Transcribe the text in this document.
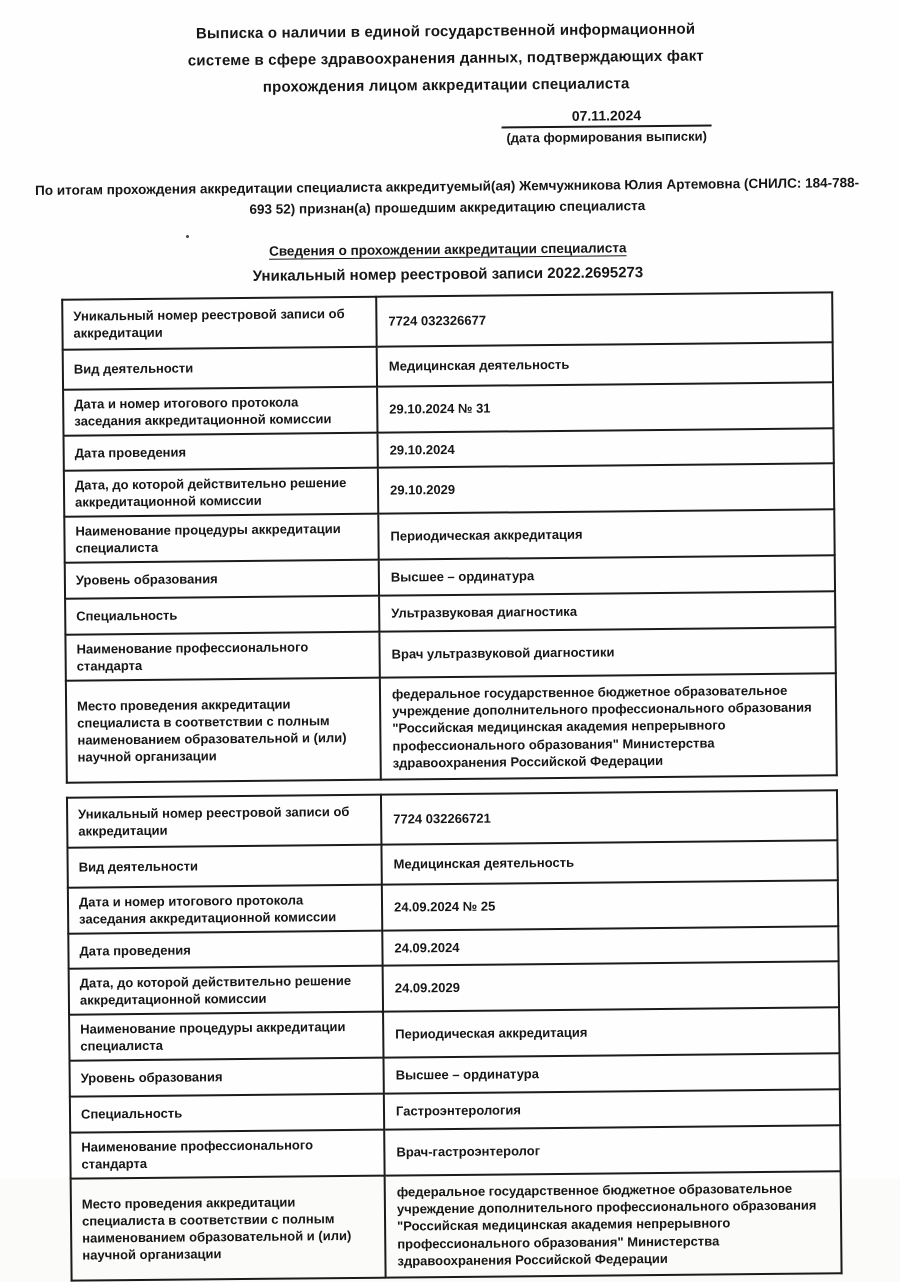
Выписка о наличии в единой государственной информационной
системе в сфере здравоохранения данных, подтверждающих факт
прохождения лицом аккредитации специалиста
07.11.2024
(дата формирования выписки)
По итогам прохождения аккредитации специалиста аккредитуемый(ая) Жемчужникова Юлия Артемовна (СНИЛС: 184-788-693 52) признан(а) прошедшим аккредитацию специалиста
Сведения о прохождении аккредитации специалиста
Уникальный номер реестровой записи 2022.2695273
Уникальный номер реестровой записи об аккредитации	7724 032326677
Вид деятельности	Медицинская деятельность
Дата и номер итогового протокола заседания аккредитационной комиссии	29.10.2024 № 31
Дата проведения	29.10.2024
Дата, до которой действительно решение аккредитационной комиссии	29.10.2029
Наименование процедуры аккредитации специалиста	Периодическая аккредитация
Уровень образования	Высшее – ординатура
Специальность	Ультразвуковая диагностика
Наименование профессионального стандарта	Врач ультразвуковой диагностики
Место проведения аккредитации специалиста в соответствии с полным наименованием образовательной и (или) научной организации	федеральное государственное бюджетное образовательное учреждение дополнительного профессионального образования "Российская медицинская академия непрерывного профессионального образования" Министерства здравоохранения Российской Федерации
Уникальный номер реестровой записи об аккредитации	7724 032266721
Вид деятельности	Медицинская деятельность
Дата и номер итогового протокола заседания аккредитационной комиссии	24.09.2024 № 25
Дата проведения	24.09.2024
Дата, до которой действительно решение аккредитационной комиссии	24.09.2029
Наименование процедуры аккредитации специалиста	Периодическая аккредитация
Уровень образования	Высшее – ординатура
Специальность	Гастроэнтерология
Наименование профессионального стандарта	Врач-гастроэнтеролог
Место проведения аккредитации специалиста в соответствии с полным наименованием образовательной и (или) научной организации	федеральное государственное бюджетное образовательное учреждение дополнительного профессионального образования "Российская медицинская академия непрерывного профессионального образования" Министерства здравоохранения Российской Федерации
